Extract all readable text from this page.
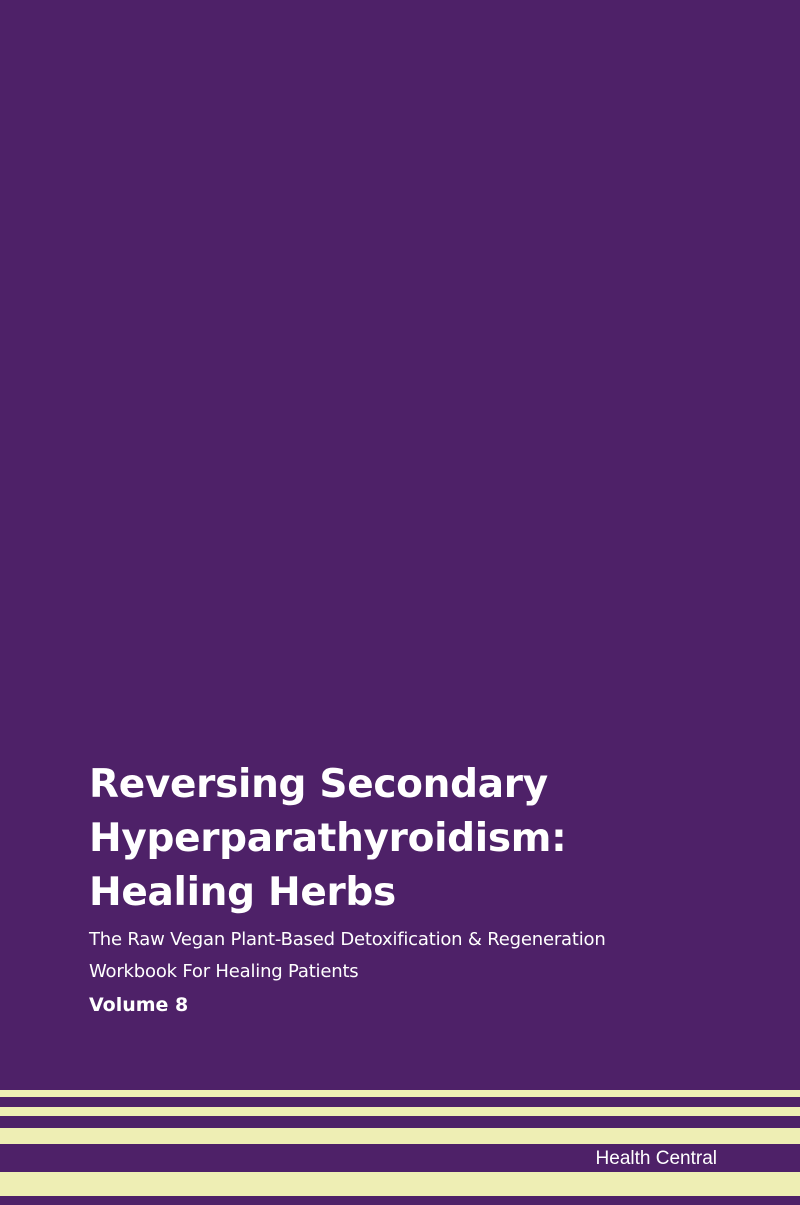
Reversing Secondary
Hyperparathyroidism:
Healing Herbs
The Raw Vegan Plant-Based Detoxification & Regeneration
Workbook For Healing Patients
Volume 8
Health Central
